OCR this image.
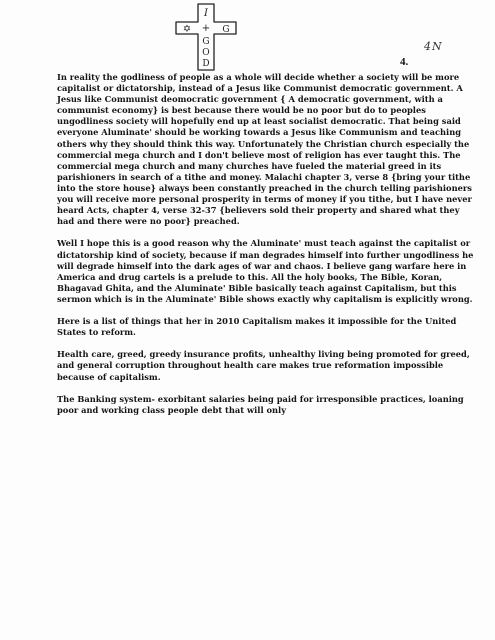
I
+
G
O
D
✡	G
4N
4.

In reality the godliness of people as a whole will decide whether a society will be more capitalist or dictatorship, instead of a Jesus like Communist democratic government. A Jesus like Communist deomocratic government { A democratic government, with a communist economy} is best because there would be no poor but do to peoples ungodliness society will hopefully end up at least socialist democratic. That being said everyone Aluminate' should be working towards a Jesus like Communism and teaching others why they should think this way. Unfortunately the Christian church especially the commercial mega church and I don't believe most of religion has ever taught this. The commercial mega church and many churches have fueled the material greed in its parishioners in search of a tithe and money. Malachi chapter 3, verse 8 {bring your tithe into the store house} always been constantly preached in the church telling parishioners you will receive more personal prosperity in terms of money if you tithe, but I have never heard Acts, chapter 4, verse 32-37 {believers sold their property and shared what they had and there were no poor} preached.

Well I hope this is a good reason why the Aluminate' must teach against the capitalist or dictatorship kind of society, because if man degrades himself into further ungodliness he will degrade himself into the dark ages of war and chaos. I believe gang warfare here in America and drug cartels is a prelude to this. All the holy books, The Bible, Koran, Bhagavad Ghita, and the Aluminate' Bible basically teach against Capitalism, but this sermon which is in the Aluminate' Bible shows exactly why capitalism is explicitly wrong.

Here is a list of things that her in 2010 Capitalism makes it impossible for the United States to reform.

Health care, greed, greedy insurance profits, unhealthy living being promoted for greed, and general corruption throughout health care makes true reformation impossible because of capitalism.

The Banking system- exorbitant salaries being paid for irresponsible practices, loaning poor and working class people debt that will only
